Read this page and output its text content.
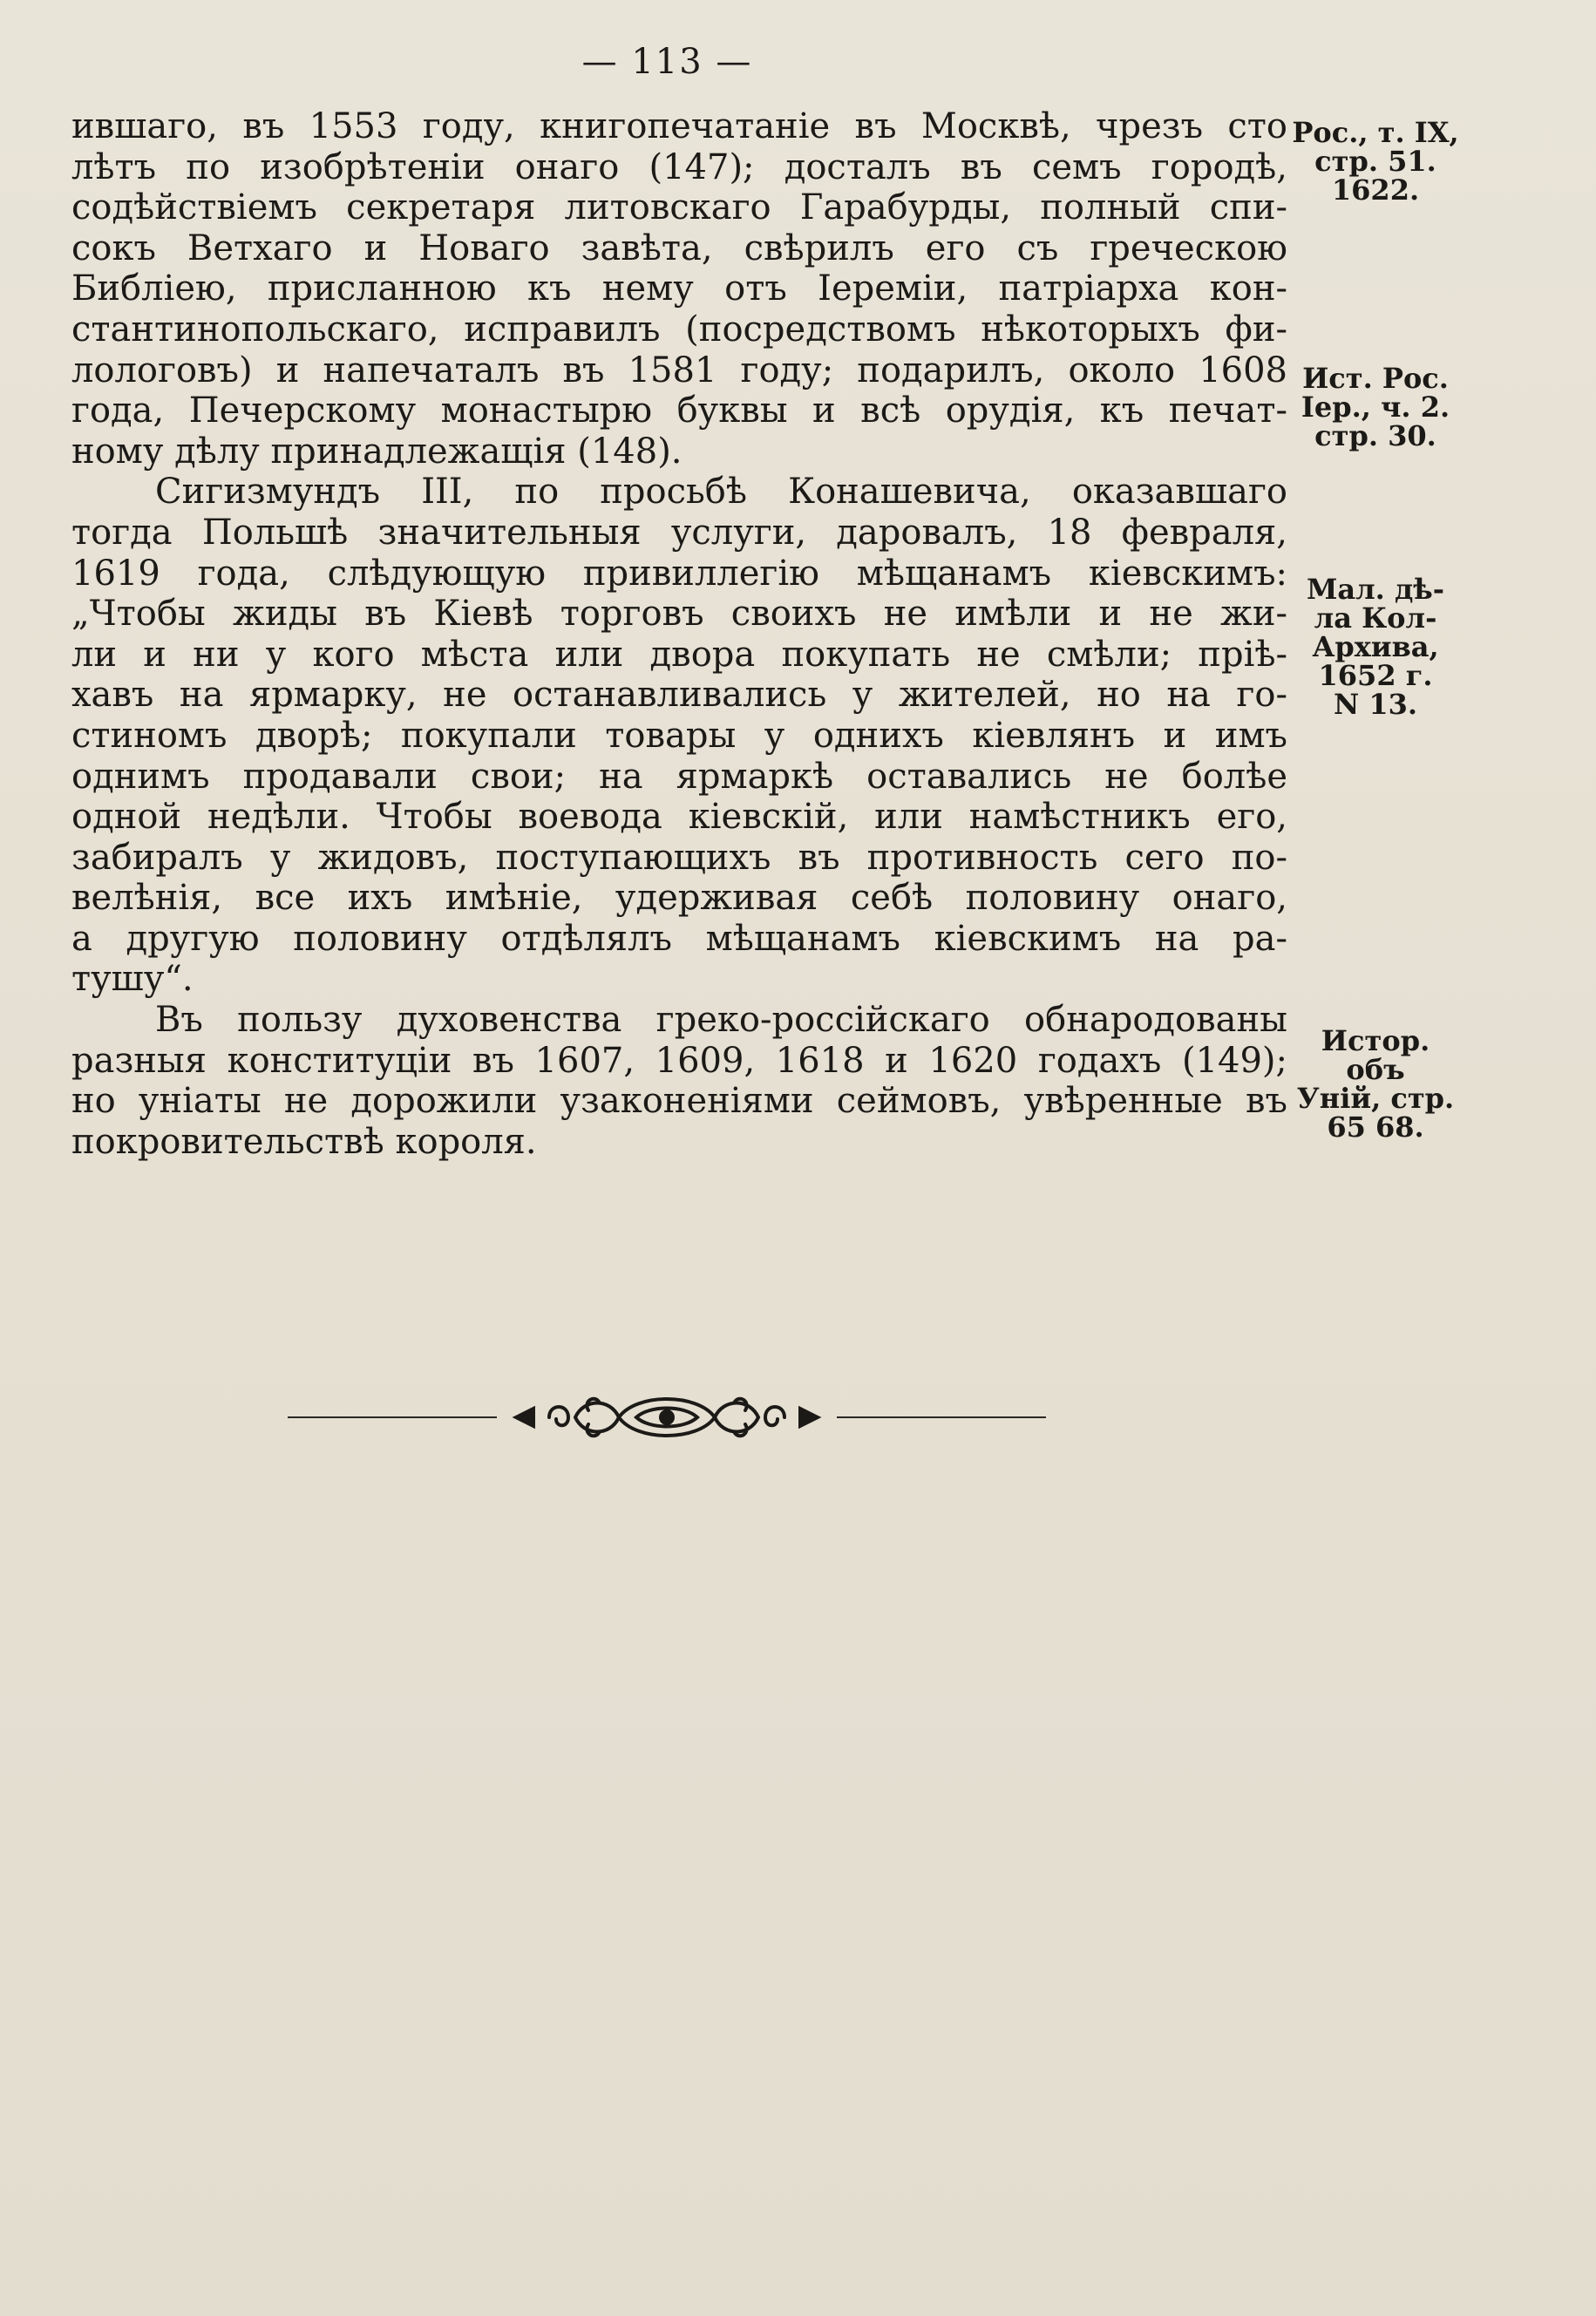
— 113 —
ившаго, въ 1553 году, книгопечатаніе въ Москвѣ, чрезъ сто
лѣтъ по изобрѣтеніи онаго (147); досталъ въ семъ городѣ,
содѣйствіемъ секретаря литовскаго Гарабурды, полный спи-
сокъ Ветхаго и Новаго завѣта, свѣрилъ его съ греческою
Библіею, присланною къ нему отъ Іереміи, патріарха кон-
стантинопольскаго, исправилъ (посредствомъ нѣкоторыхъ фи-
лологовъ) и напечаталъ въ 1581 году; подарилъ, около 1608
года, Печерскому монастырю буквы и всѣ орудія, къ печат-
ному дѣлу принадлежащія (148).
Сигизмундъ III, по просьбѣ Конашевича, оказавшаго
тогда Польшѣ значительныя услуги, даровалъ, 18 февраля,
1619 года, слѣдующую привиллегію мѣщанамъ кіевскимъ:
„Чтобы жиды въ Кіевѣ торговъ своихъ не имѣли и не жи-
ли и ни у кого мѣста или двора покупать не смѣли; пріѣ-
хавъ на ярмарку, не останавливались у жителей, но на го-
стиномъ дворѣ; покупали товары у однихъ кіевлянъ и имъ
однимъ продавали свои; на ярмаркѣ оставались не болѣе
одной недѣли. Чтобы воевода кіевскій, или намѣстникъ его,
забиралъ у жидовъ, поступающихъ въ противность сего по-
велѣнія, все ихъ имѣніе, удерживая себѣ половину онаго,
а другую половину отдѣлялъ мѣщанамъ кіевскимъ на ра-
тушу“.
Въ пользу духовенства греко-россійскаго обнародованы
разныя конституціи въ 1607, 1609, 1618 и 1620 годахъ (149);
но уніаты не дорожили узаконеніями сеймовъ, увѣренные въ
покровительствѣ короля.
Рос., т. IX,
стр. 51.
1622.
Ист. Рос.
Іер., ч. 2.
стр. 30.
Мал. дѣ-
ла Кол-
Архива,
1652 г.
N 13.
Истор.
объ
Уній, стр.
65 68.
